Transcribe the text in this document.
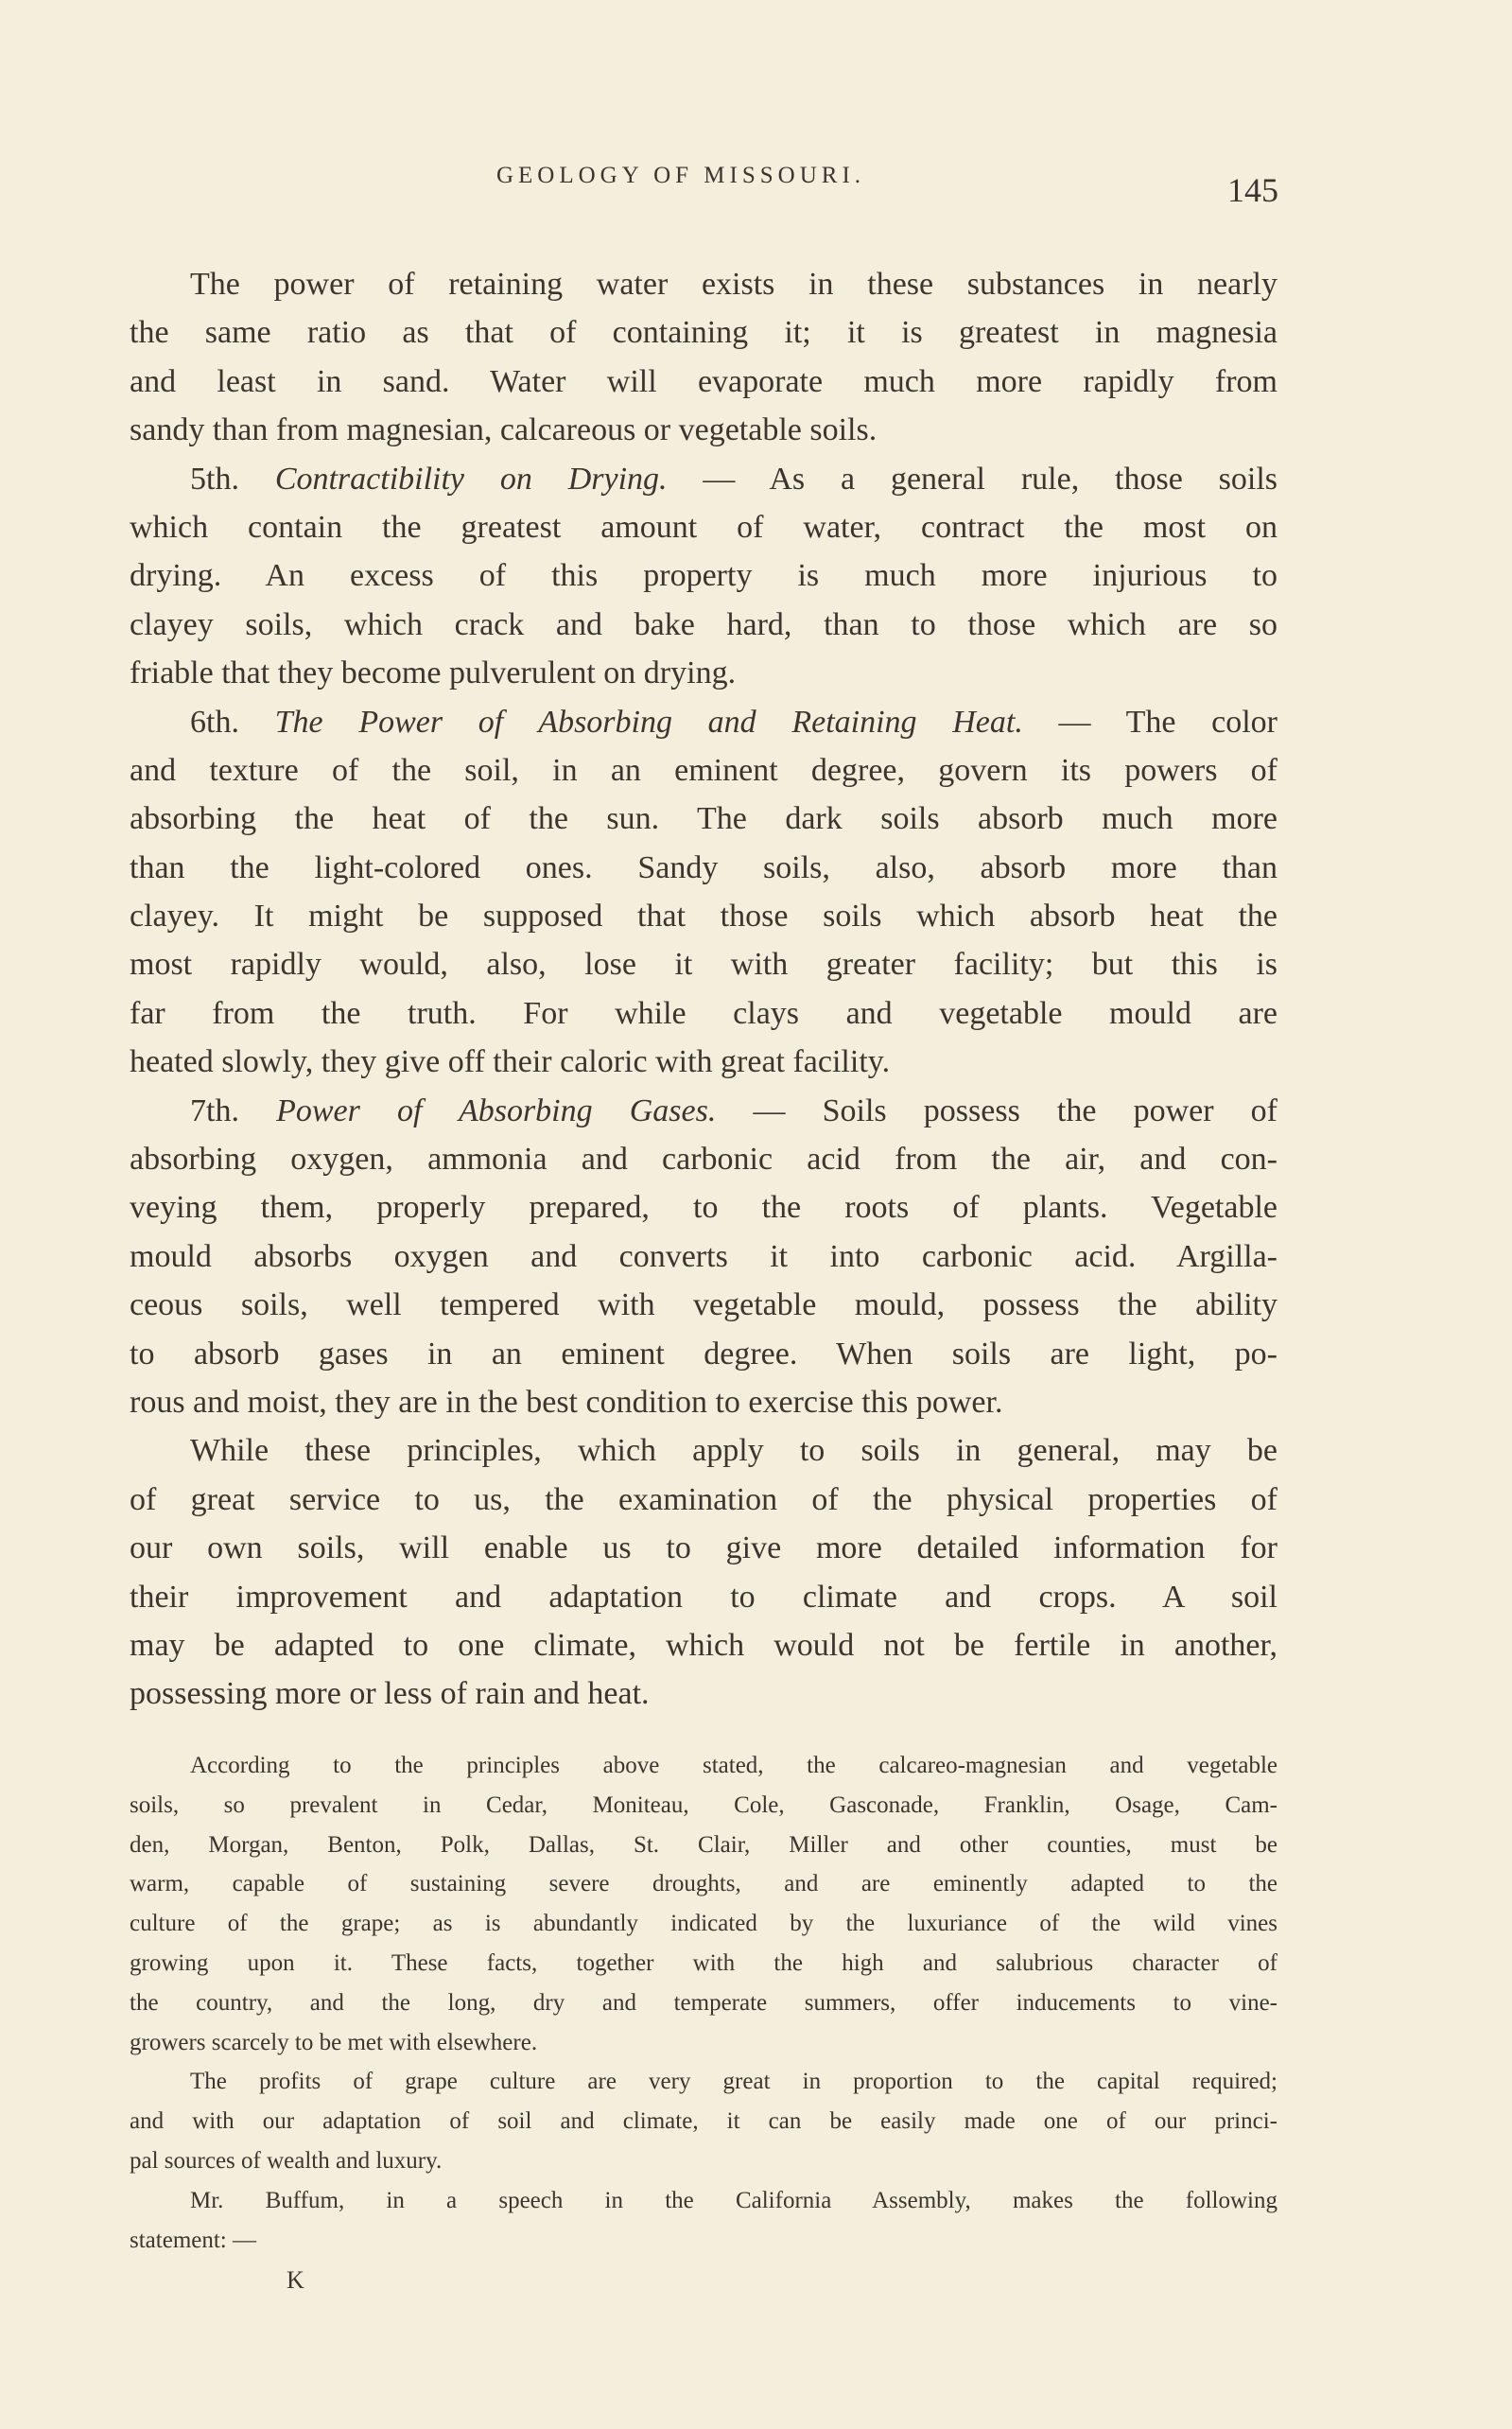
GEOLOGY OF MISSOURI.	145
The power of retaining water exists in these substances in nearly
the same ratio as that of containing it; it is greatest in magnesia
and least in sand. Water will evaporate much more rapidly from
sandy than from magnesian, calcareous or vegetable soils.
5th. Contractibility on Drying. — As a general rule, those soils
which contain the greatest amount of water, contract the most on
drying. An excess of this property is much more injurious to
clayey soils, which crack and bake hard, than to those which are so
friable that they become pulverulent on drying.
6th. The Power of Absorbing and Retaining Heat. — The color
and texture of the soil, in an eminent degree, govern its powers of
absorbing the heat of the sun. The dark soils absorb much more
than the light-colored ones. Sandy soils, also, absorb more than
clayey. It might be supposed that those soils which absorb heat the
most rapidly would, also, lose it with greater facility; but this is
far from the truth. For while clays and vegetable mould are
heated slowly, they give off their caloric with great facility.
7th. Power of Absorbing Gases. — Soils possess the power of
absorbing oxygen, ammonia and carbonic acid from the air, and con-
veying them, properly prepared, to the roots of plants. Vegetable
mould absorbs oxygen and converts it into carbonic acid. Argilla-
ceous soils, well tempered with vegetable mould, possess the ability
to absorb gases in an eminent degree. When soils are light, po-
rous and moist, they are in the best condition to exercise this power.
While these principles, which apply to soils in general, may be
of great service to us, the examination of the physical properties of
our own soils, will enable us to give more detailed information for
their improvement and adaptation to climate and crops. A soil
may be adapted to one climate, which would not be fertile in another,
possessing more or less of rain and heat.
According to the principles above stated, the calcareo-magnesian and vegetable
soils, so prevalent in Cedar, Moniteau, Cole, Gasconade, Franklin, Osage, Cam-
den, Morgan, Benton, Polk, Dallas, St. Clair, Miller and other counties, must be
warm, capable of sustaining severe droughts, and are eminently adapted to the
culture of the grape; as is abundantly indicated by the luxuriance of the wild vines
growing upon it. These facts, together with the high and salubrious character of
the country, and the long, dry and temperate summers, offer inducements to vine-
growers scarcely to be met with elsewhere.
The profits of grape culture are very great in proportion to the capital required;
and with our adaptation of soil and climate, it can be easily made one of our princi-
pal sources of wealth and luxury.
Mr. Buffum, in a speech in the California Assembly, makes the following
statement: —
K
